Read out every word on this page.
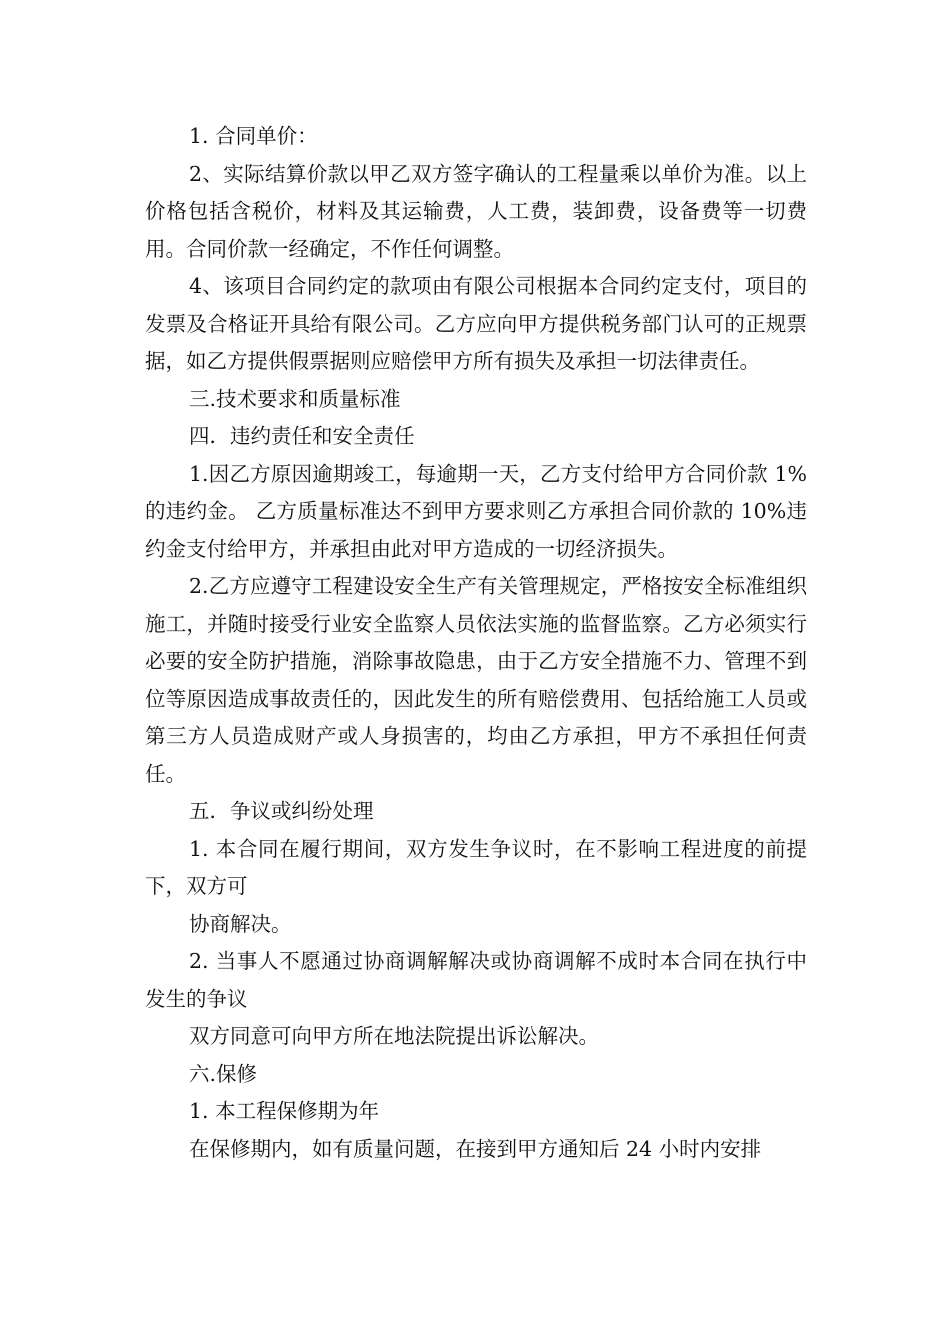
1. 合同单价：

2、实际结算价款以甲乙双方签字确认的工程量乘以单价为准。以上价格包括含税价，材料及其运输费，人工费，装卸费，设备费等一切费用。合同价款一经确定，不作任何调整。

4、该项目合同约定的款项由有限公司根据本合同约定支付，项目的发票及合格证开具给有限公司。乙方应向甲方提供税务部门认可的正规票据，如乙方提供假票据则应赔偿甲方所有损失及承担一切法律责任。

三.技术要求和质量标准

四．违约责任和安全责任

1.因乙方原因逾期竣工，每逾期一天，乙方支付给甲方合同价款 1%的违约金。 乙方质量标准达不到甲方要求则乙方承担合同价款的 10%违约金支付给甲方，并承担由此对甲方造成的一切经济损失。

2.乙方应遵守工程建设安全生产有关管理规定，严格按安全标准组织施工，并随时接受行业安全监察人员依法实施的监督监察。乙方必须实行必要的安全防护措施，消除事故隐患，由于乙方安全措施不力、管理不到位等原因造成事故责任的，因此发生的所有赔偿费用、包括给施工人员或第三方人员造成财产或人身损害的，均由乙方承担，甲方不承担任何责任。

五．争议或纠纷处理

1. 本合同在履行期间，双方发生争议时，在不影响工程进度的前提下，双方可

协商解决。

2. 当事人不愿通过协商调解解决或协商调解不成时本合同在执行中发生的争议

双方同意可向甲方所在地法院提出诉讼解决。

六.保修

1. 本工程保修期为年

在保修期内，如有质量问题，在接到甲方通知后 24 小时内安排
